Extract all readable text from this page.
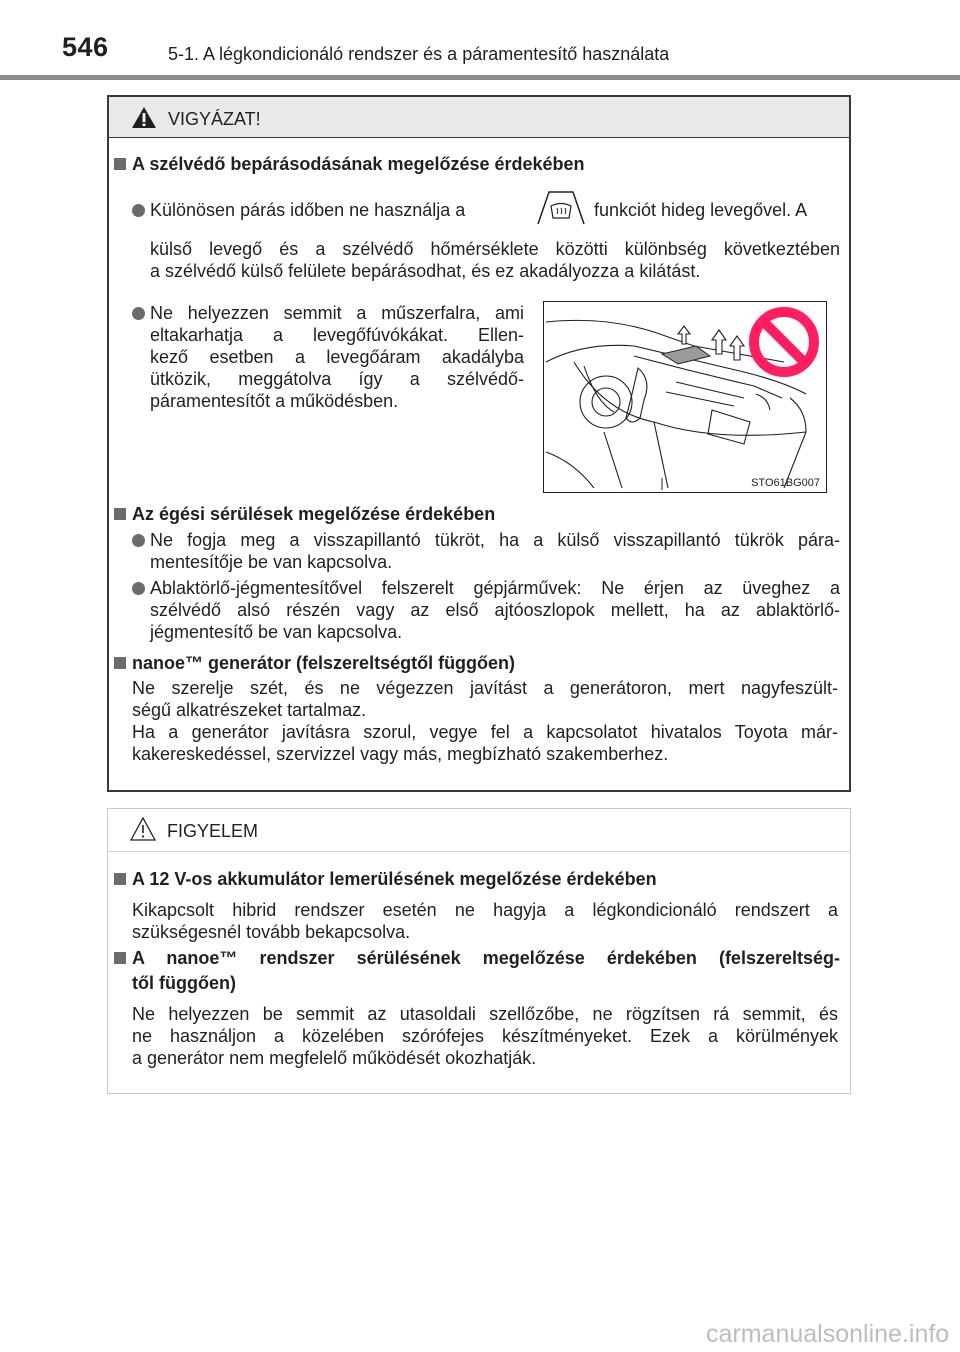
546	5-1. A légkondicionáló rendszer és a páramentesítő használata
VIGYÁZAT!
A szélvédő bepárásodásának megelőzése érdekében
Különösen párás időben ne használja a	funkciót hideg levegővel. A
külső levegő és a szélvédő hőmérséklete közötti különbség következtében
a szélvédő külső felülete bepárásodhat, és ez akadályozza a kilátást.
Ne helyezzen semmit a műszerfalra, ami
eltakarhatja a levegőfúvókákat. Ellen-
kező esetben a levegőáram akadályba
ütközik, meggátolva így a szélvédő-
páramentesítőt a működésben.
STO61BG007
Az égési sérülések megelőzése érdekében
Ne fogja meg a visszapillantó tükröt, ha a külső visszapillantó tükrök pára-
mentesítője be van kapcsolva.
Ablaktörlő-jégmentesítővel felszerelt gépjárművek: Ne érjen az üveghez a
szélvédő alsó részén vagy az első ajtóoszlopok mellett, ha az ablaktörlő-
jégmentesítő be van kapcsolva.
nanoe™ generátor (felszereltségtől függően)
Ne szerelje szét, és ne végezzen javítást a generátoron, mert nagyfeszült-
ségű alkatrészeket tartalmaz.
Ha a generátor javításra szorul, vegye fel a kapcsolatot hivatalos Toyota már-
kakereskedéssel, szervizzel vagy más, megbízható szakemberhez.
FIGYELEM
A 12 V-os akkumulátor lemerülésének megelőzése érdekében
Kikapcsolt hibrid rendszer esetén ne hagyja a légkondicionáló rendszert a
szükségesnél tovább bekapcsolva.
A nanoe™ rendszer sérülésének megelőzése érdekében (felszereltség-
től függően)
Ne helyezzen be semmit az utasoldali szellőzőbe, ne rögzítsen rá semmit, és
ne használjon a közelében szórófejes készítményeket. Ezek a körülmények
a generátor nem megfelelő működését okozhatják.
carmanualsonline.info
